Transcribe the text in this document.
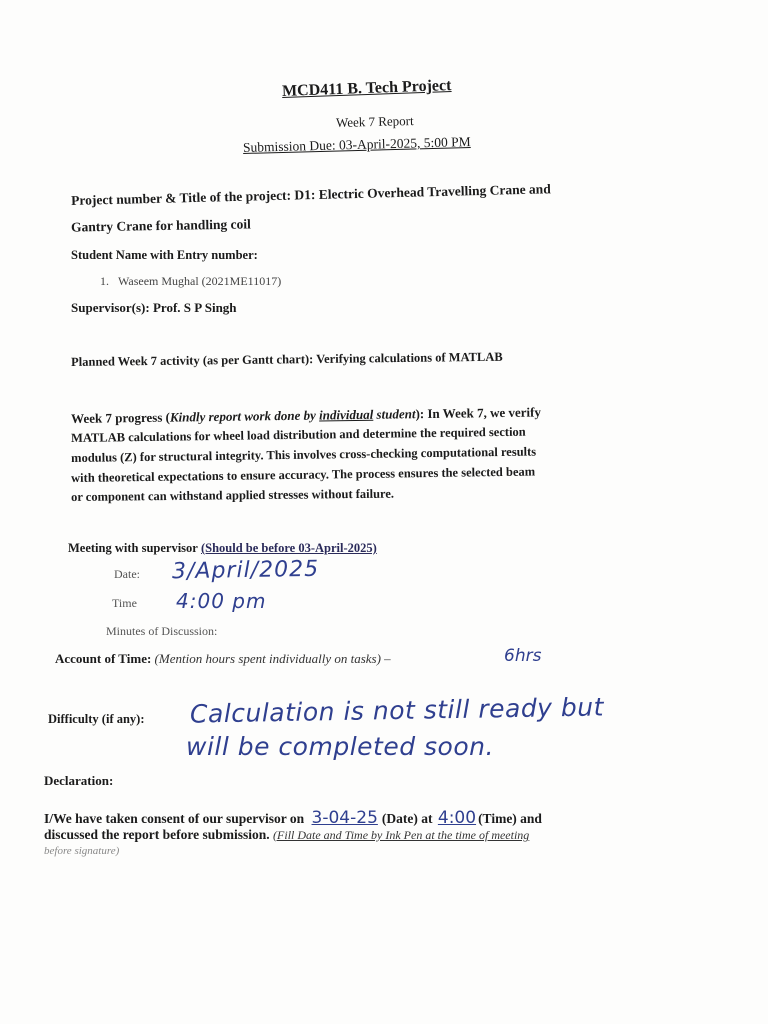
MCD411 B. Tech Project
Week 7 Report
Submission Due: 03-April-2025, 5:00 PM
Project number & Title of the project: D1: Electric Overhead Travelling Crane and
Gantry Crane for handling coil
Student Name with Entry number:
1. Waseem Mughal (2021ME11017)
Supervisor(s): Prof. S P Singh
Planned Week 7 activity (as per Gantt chart): Verifying calculations of MATLAB
Week 7 progress (Kindly report work done by individual student): In Week 7, we verify
MATLAB calculations for wheel load distribution and determine the required section
modulus (Z) for structural integrity. This involves cross-checking computational results
with theoretical expectations to ensure accuracy. The process ensures the selected beam
or component can withstand applied stresses without failure.
Meeting with supervisor (Should be before 03-April-2025)
Date: 3/April/2025
Time 4:00 pm
Minutes of Discussion:
Account of Time: (Mention hours spent individually on tasks) –	6hrs
Difficulty (if any): Calculation is not still ready but
will be completed soon.
Declaration:
I/We have taken consent of our supervisor on 3-04-25 (Date) at 4:00 (Time) and
discussed the report before submission. (Fill Date and Time by Ink Pen at the time of meeting
before signature)
